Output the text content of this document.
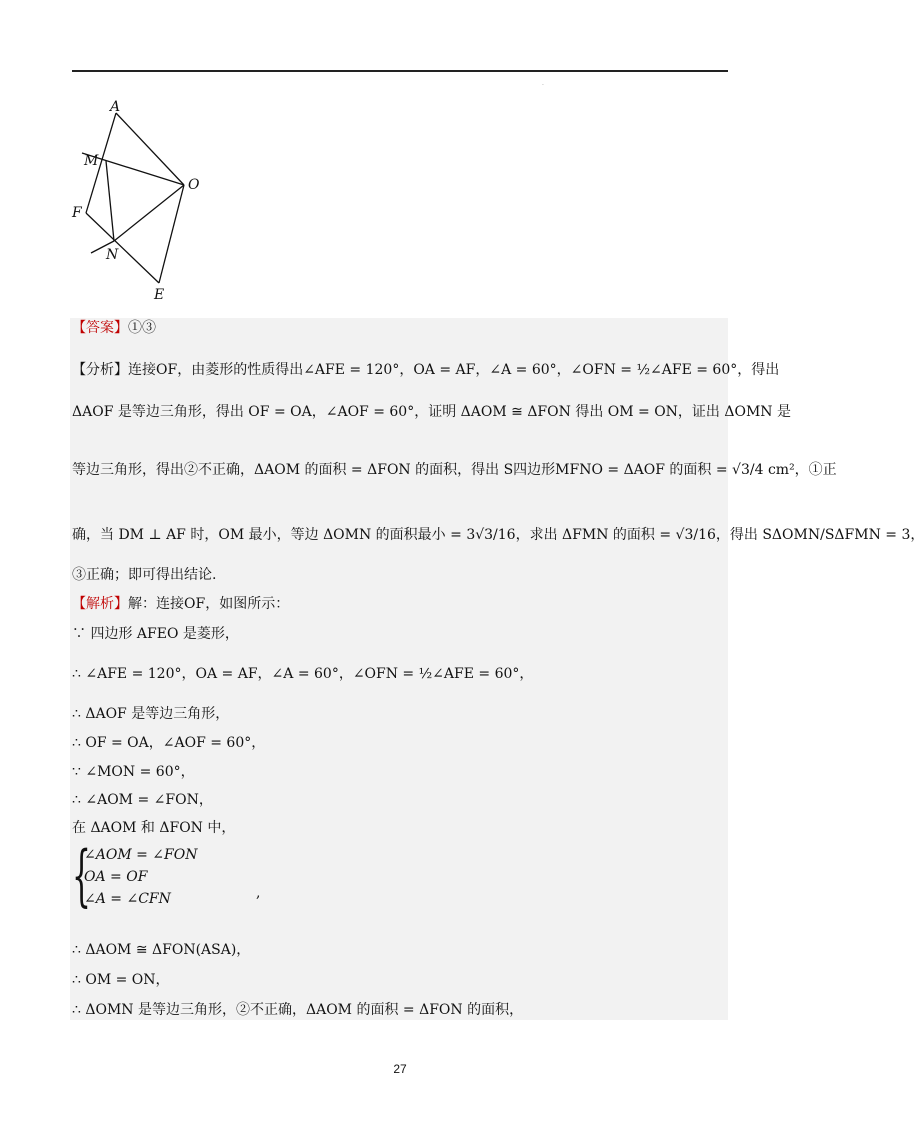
.
A
M
O
F
N
E
【答案】①③
【分析】连接OF，由菱形的性质得出∠AFE = 120°，OA = AF，∠A = 60°，∠OFN = ½∠AFE = 60°，得出
ΔAOF 是等边三角形，得出 OF = OA，∠AOF = 60°，证明 ΔAOM ≅ ΔFON 得出 OM = ON，证出 ΔOMN 是
等边三角形，得出②不正确，ΔAOM 的面积 = ΔFON 的面积，得出 S四边形MFNO = ΔAOF 的面积 = √3/4 cm²，①正
确，当 DM ⊥ AF 时，OM 最小，等边 ΔOMN 的面积最小 = 3√3/16，求出 ΔFMN 的面积 = √3/16，得出 SΔOMN/SΔFMN = 3，
③正确；即可得出结论.
【解析】解：连接OF，如图所示：
∵ 四边形 AFEO 是菱形，
∴ ∠AFE = 120°，OA = AF，∠A = 60°，∠OFN = ½∠AFE = 60°，
∴ ΔAOF 是等边三角形，
∴ OF = OA，∠AOF = 60°，
∵ ∠MON = 60°，
∴ ∠AOM = ∠FON，
在 ΔAOM 和 ΔFON 中，
{
∠AOM = ∠FON
OA = OF
∠A = ∠CFN	,
∴ ΔAOM ≅ ΔFON(ASA)，
∴ OM = ON，
∴ ΔOMN 是等边三角形，②不正确，ΔAOM 的面积 = ΔFON 的面积，
27
